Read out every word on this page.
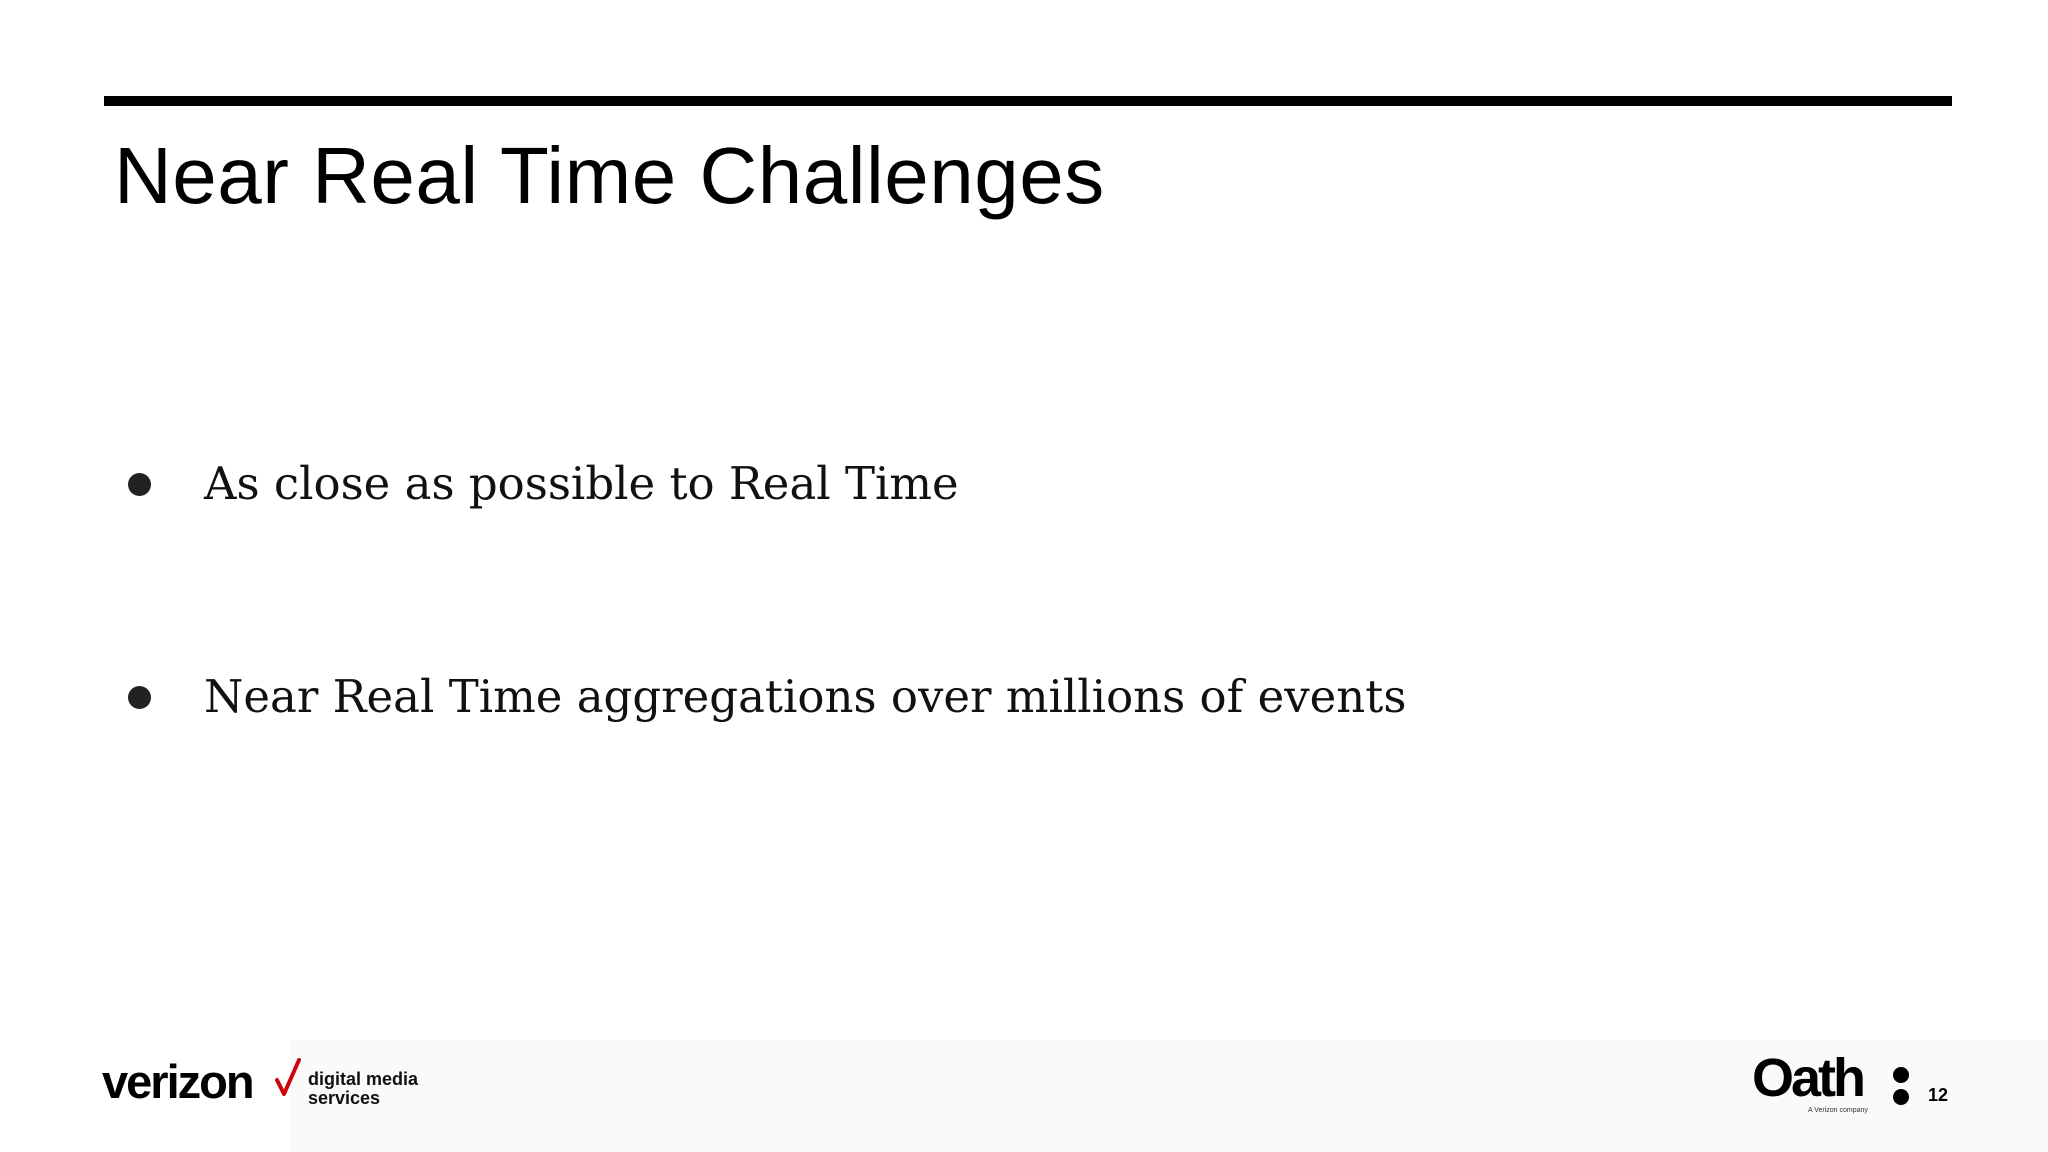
Near Real Time Challenges
As close as possible to Real Time
Near Real Time aggregations over millions of events
verizon	digital media
services	Oath
A Verizon company
12
